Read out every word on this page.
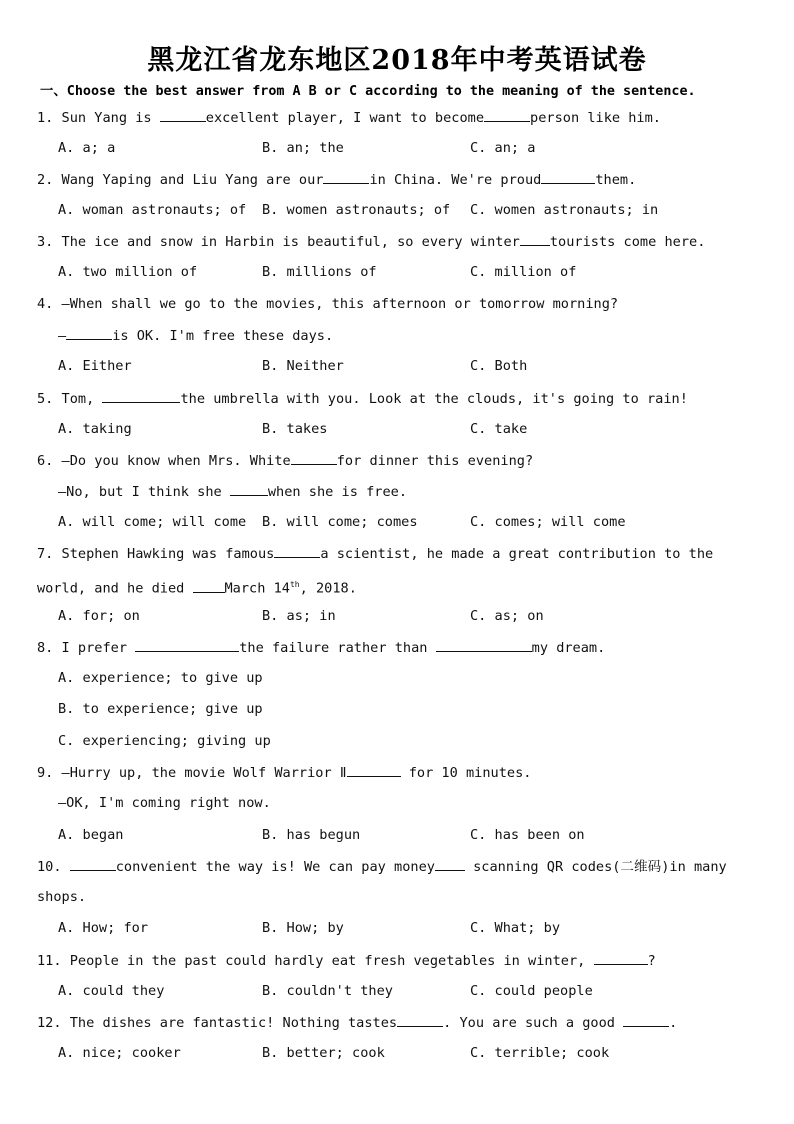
黑龙江省龙东地区2018年中考英语试卷
一、Choose the best answer from A B or C according to the meaning of the sentence.
1. Sun Yang is	excellent player, I want to become	person like him.
A. a; a	B. an; the	C. an; a
2. Wang Yaping and Liu Yang are our	in China. We're proud	them.
A. woman astronauts; of B. women astronauts; of C. women astronauts; in
3. The ice and snow in Harbin is beautiful, so every winter tourists come here.
A. two million of	B. millions of	C. million of
4. —When shall we go to the movies, this afternoon or tomorrow morning?
—	is OK. I'm free these days.
A. Either	B. Neither	C. Both
5. Tom,	the umbrella with you. Look at the clouds, it's going to rain!
A. taking	B. takes	C. take
6. —Do you know when Mrs. White	for dinner this evening?
—No, but I think she	when she is free.
A. will come; will come B. will come; comes	C. comes; will come
7. Stephen Hawking was famous	a scientist, he made a great contribution to the
world, and he died March 14th, 2018.
A. for; on	B. as; in	C. as; on
8. I prefer	the failure rather than	my dream.
A. experience; to give up
B. to experience; give up
C. experiencing; giving up
9. —Hurry up, the movie Wolf Warrior Ⅱ	for 10 minutes.
—OK, I'm coming right now.
A. began	B. has begun	C. has been on
10.	convenient the way is! We can pay money scanning QR codes(二维码)in many
shops.
A. How; for	B. How; by	C. What; by
11. People in the past could hardly eat fresh vegetables in winter,	?
A. could they	B. couldn't they	C. could people
12. The dishes are fantastic! Nothing tastes	. You are such a good	.
A. nice; cooker	B. better; cook	C. terrible; cook
